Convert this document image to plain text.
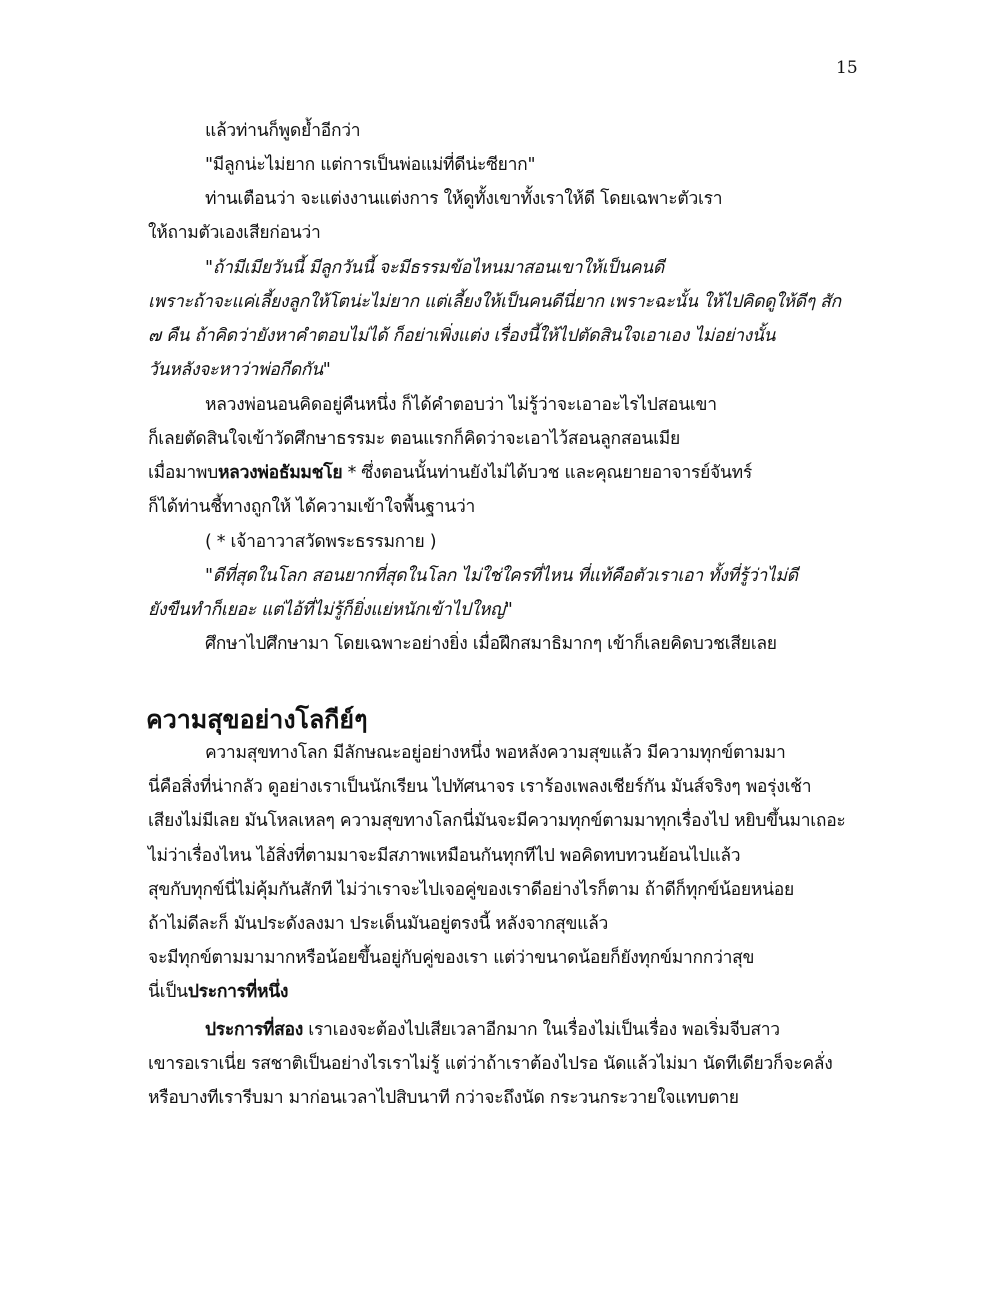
15
แล้วท่านก็พูดย้ำอีกว่า
"มีลูกน่ะไม่ยาก แต่การเป็นพ่อแม่ที่ดีน่ะซียาก"
ท่านเตือนว่า จะแต่งงานแต่งการ ให้ดูทั้งเขาทั้งเราให้ดี โดยเฉพาะตัวเรา
ให้ถามตัวเองเสียก่อนว่า
"ถ้ามีเมียวันนี้ มีลูกวันนี้ จะมีธรรมข้อไหนมาสอนเขาให้เป็นคนดี
เพราะถ้าจะแค่เลี้ยงลูกให้โตน่ะไม่ยาก แต่เลี้ยงให้เป็นคนดีนี่ยาก เพราะฉะนั้น ให้ไปคิดดูให้ดีๆ สัก
๗ คืน ถ้าคิดว่ายังหาคำตอบไม่ได้ ก็อย่าเพิ่งแต่ง เรื่องนี้ให้ไปตัดสินใจเอาเอง ไม่อย่างนั้น
วันหลังจะหาว่าพ่อกีดกัน"
หลวงพ่อนอนคิดอยู่คืนหนึ่ง ก็ได้คำตอบว่า ไม่รู้ว่าจะเอาอะไรไปสอนเขา
ก็เลยตัดสินใจเข้าวัดศึกษาธรรมะ ตอนแรกก็คิดว่าจะเอาไว้สอนลูกสอนเมีย
เมื่อมาพบหลวงพ่อธัมมชโย * ซึ่งตอนนั้นท่านยังไม่ได้บวช และคุณยายอาจารย์จันทร์
ก็ได้ท่านชี้ทางถูกให้ ได้ความเข้าใจพื้นฐานว่า
( * เจ้าอาวาสวัดพระธรรมกาย )
"ดีที่สุดในโลก สอนยากที่สุดในโลก ไม่ใช่ใครที่ไหน ที่แท้คือตัวเราเอา ทั้งที่รู้ว่าไม่ดี
ยังขืนทำก็เยอะ แต่ไอ้ที่ไม่รู้ก็ยิ่งแย่หนักเข้าไปใหญ่"
ศึกษาไปศึกษามา โดยเฉพาะอย่างยิ่ง เมื่อฝึกสมาธิมากๆ เข้าก็เลยคิดบวชเสียเลย
ความสุขอย่างโลกีย์ๆ
ความสุขทางโลก มีลักษณะอยู่อย่างหนึ่ง พอหลังความสุขแล้ว มีความทุกข์ตามมา
นี่คือสิ่งที่น่ากลัว ดูอย่างเราเป็นนักเรียน ไปทัศนาจร เราร้องเพลงเชียร์กัน มันส์จริงๆ พอรุ่งเช้า
เสียงไม่มีเลย มันโหลเหลๆ ความสุขทางโลกนี่มันจะมีความทุกข์ตามมาทุกเรื่องไป หยิบขึ้นมาเถอะ
ไม่ว่าเรื่องไหน ไอ้สิ่งที่ตามมาจะมีสภาพเหมือนกันทุกทีไป พอคิดทบทวนย้อนไปแล้ว
สุขกับทุกข์นี่ไม่คุ้มกันสักที ไม่ว่าเราจะไปเจอคู่ของเราดีอย่างไรก็ตาม ถ้าดีก็ทุกข์น้อยหน่อย
ถ้าไม่ดีละก็ มันประดังลงมา ประเด็นมันอยู่ตรงนี้ หลังจากสุขแล้ว
จะมีทุกข์ตามมามากหรือน้อยขึ้นอยู่กับคู่ของเรา แต่ว่าขนาดน้อยก็ยังทุกข์มากกว่าสุข
นี่เป็นประการที่หนึ่ง
ประการที่สอง เราเองจะต้องไปเสียเวลาอีกมาก ในเรื่องไม่เป็นเรื่อง พอเริ่มจีบสาว
เขารอเราเนี่ย รสชาติเป็นอย่างไรเราไม่รู้ แต่ว่าถ้าเราต้องไปรอ นัดแล้วไม่มา นัดทีเดียวก็จะคลั่ง
หรือบางทีเรารีบมา มาก่อนเวลาไปสิบนาที กว่าจะถึงนัด กระวนกระวายใจแทบตาย
